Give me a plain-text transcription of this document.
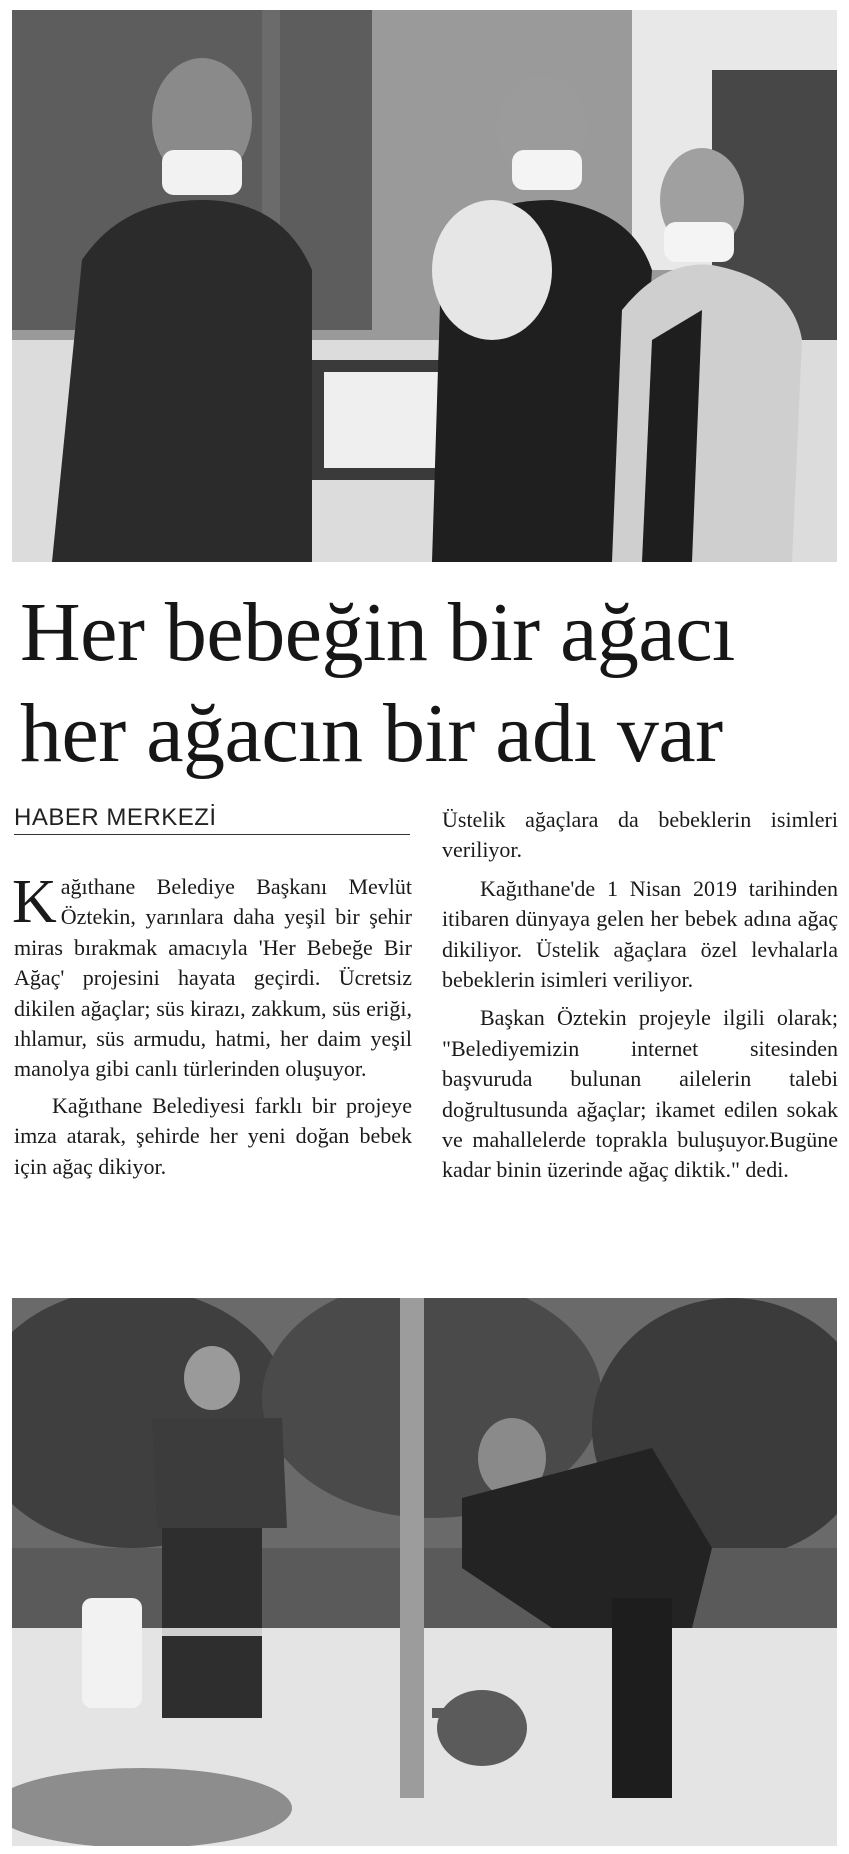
Her bebeğin bir ağacı
her ağacın bir adı var
HABER MERKEZİ

Kağıthane Belediye Başkanı Mevlüt Öztekin, yarınlara daha yeşil bir şehir miras bırakmak amacıyla 'Her Bebeğe Bir Ağaç' projesini hayata geçirdi. Ücretsiz dikilen ağaçlar; süs kirazı, zakkum, süs eriği, ıhlamur, süs armudu, hatmi, her daim yeşil manolya gibi canlı türlerinden oluşuyor.

Kağıthane Belediyesi farklı bir projeye imza atarak, şehirde her yeni doğan bebek için ağaç dikiyor.

Üstelik ağaçlara da bebeklerin isimleri veriliyor.

Kağıthane'de 1 Nisan 2019 tarihinden itibaren dünyaya gelen her bebek adına ağaç dikiliyor. Üstelik ağaçlara özel levhalarla bebeklerin isimleri veriliyor.

Başkan Öztekin projeyle ilgili olarak; "Belediyemizin internet sitesinden başvuruda bulunan ailelerin talebi doğrultusunda ağaçlar; ikamet edilen sokak ve mahallelerde toprakla buluşuyor.Bugüne kadar binin üzerinde ağaç diktik." dedi.
